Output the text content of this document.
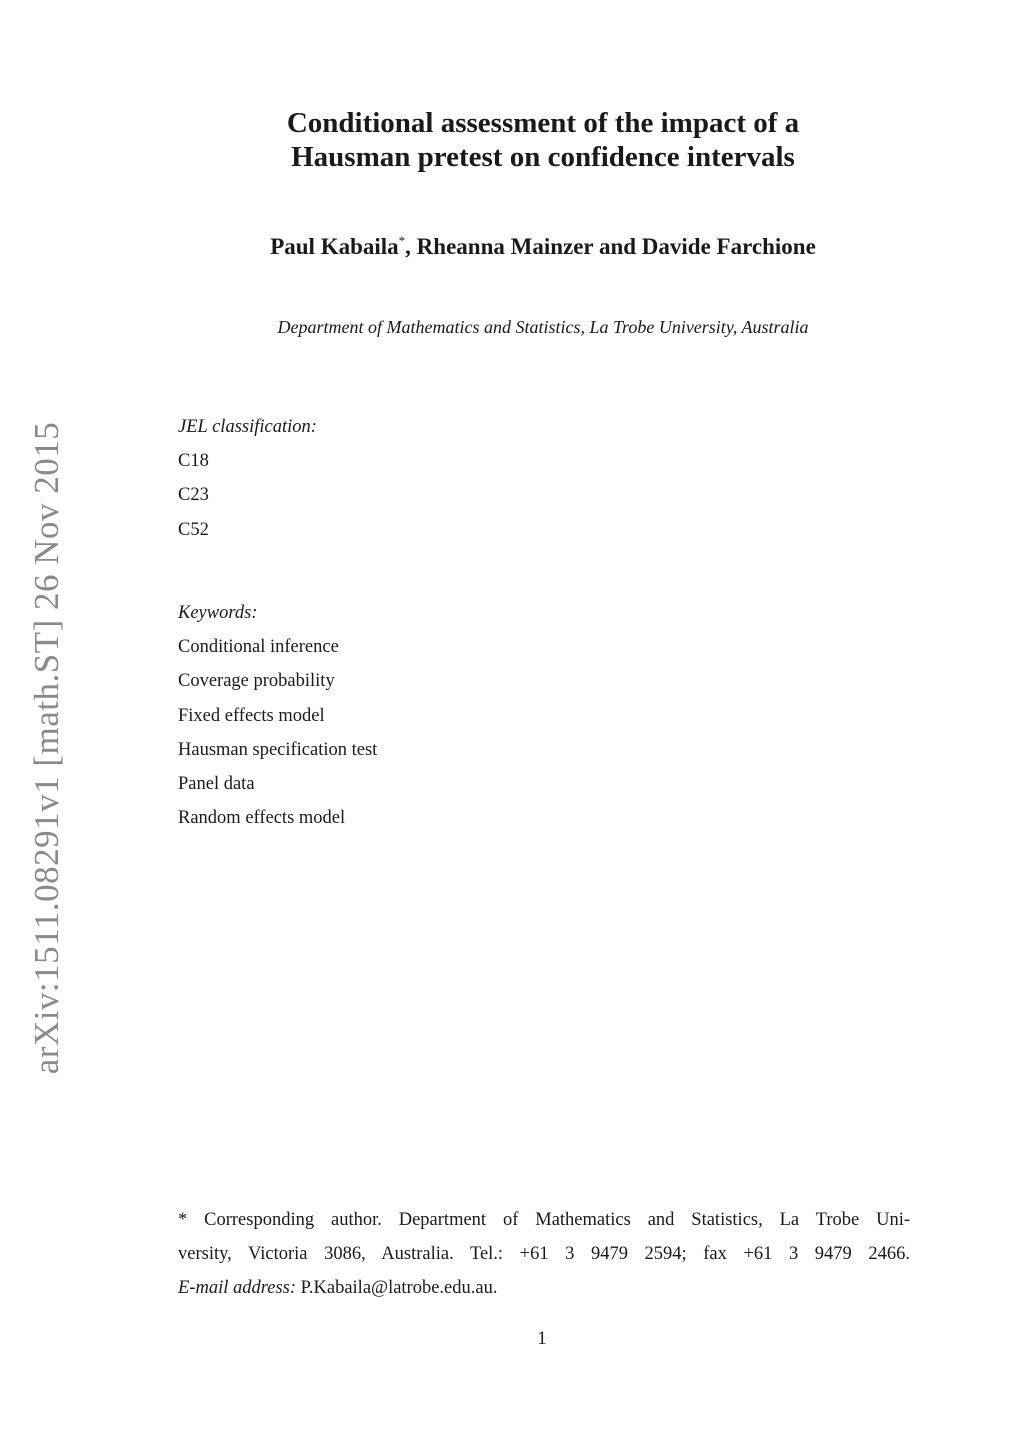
Conditional assessment of the impact of a
Hausman pretest on confidence intervals
Paul Kabaila*, Rheanna Mainzer and Davide Farchione
Department of Mathematics and Statistics, La Trobe University, Australia
JEL classification:
C18
C23
C52
Keywords:
Conditional inference
Coverage probability
Fixed effects model
Hausman specification test
Panel data
Random effects model
arXiv:1511.08291v1 [math.ST] 26 Nov 2015
* Corresponding author. Department of Mathematics and Statistics, La Trobe Uni-
versity, Victoria 3086, Australia. Tel.: +61 3 9479 2594; fax +61 3 9479 2466.
E-mail address: P.Kabaila@latrobe.edu.au.
1
